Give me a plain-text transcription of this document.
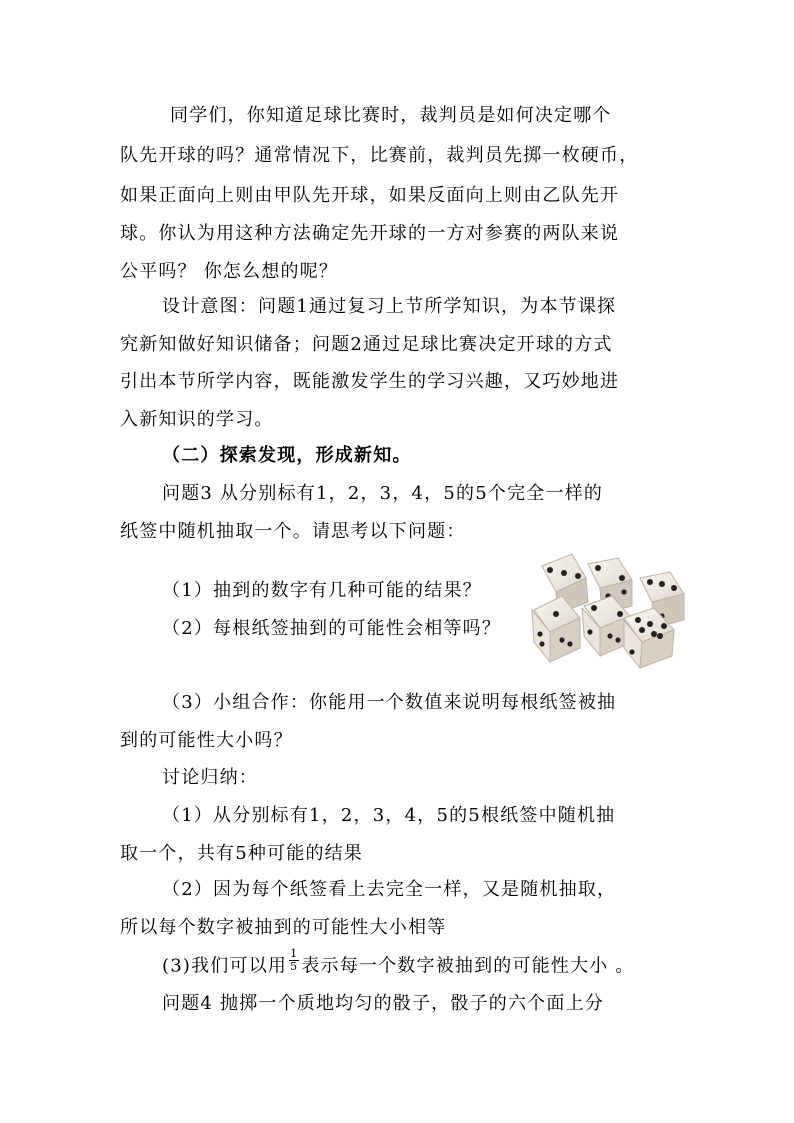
同学们，你知道足球比赛时，裁判员是如何决定哪个
队先开球的吗？通常情况下，比赛前，裁判员先掷一枚硬币，
如果正面向上则由甲队先开球，如果反面向上则由乙队先开
球。你认为用这种方法确定先开球的一方对参赛的两队来说
公平吗？ 你怎么想的呢？
设计意图：问题1通过复习上节所学知识，为本节课探
究新知做好知识储备；问题2通过足球比赛决定开球的方式
引出本节所学内容，既能激发学生的学习兴趣，又巧妙地进
入新知识的学习。
（二）探索发现，形成新知。
问题3 从分别标有1，2，3，4，5的5个完全一样的
纸签中随机抽取一个。请思考以下问题：
（1）抽到的数字有几种可能的结果？
（2）每根纸签抽到的可能性会相等吗？
（3）小组合作：你能用一个数值来说明每根纸签被抽
到的可能性大小吗？
讨论归纳：
（1）从分别标有1，2，3，4，5的5根纸签中随机抽
取一个，共有5种可能的结果
（2）因为每个纸签看上去完全一样，又是随机抽取，
所以每个数字被抽到的可能性大小相等
(3)我们可以用 $\frac{1}{5}$ 表示每一个数字被抽到的可能性大小 。
问题4 抛掷一个质地均匀的骰子，骰子的六个面上分
